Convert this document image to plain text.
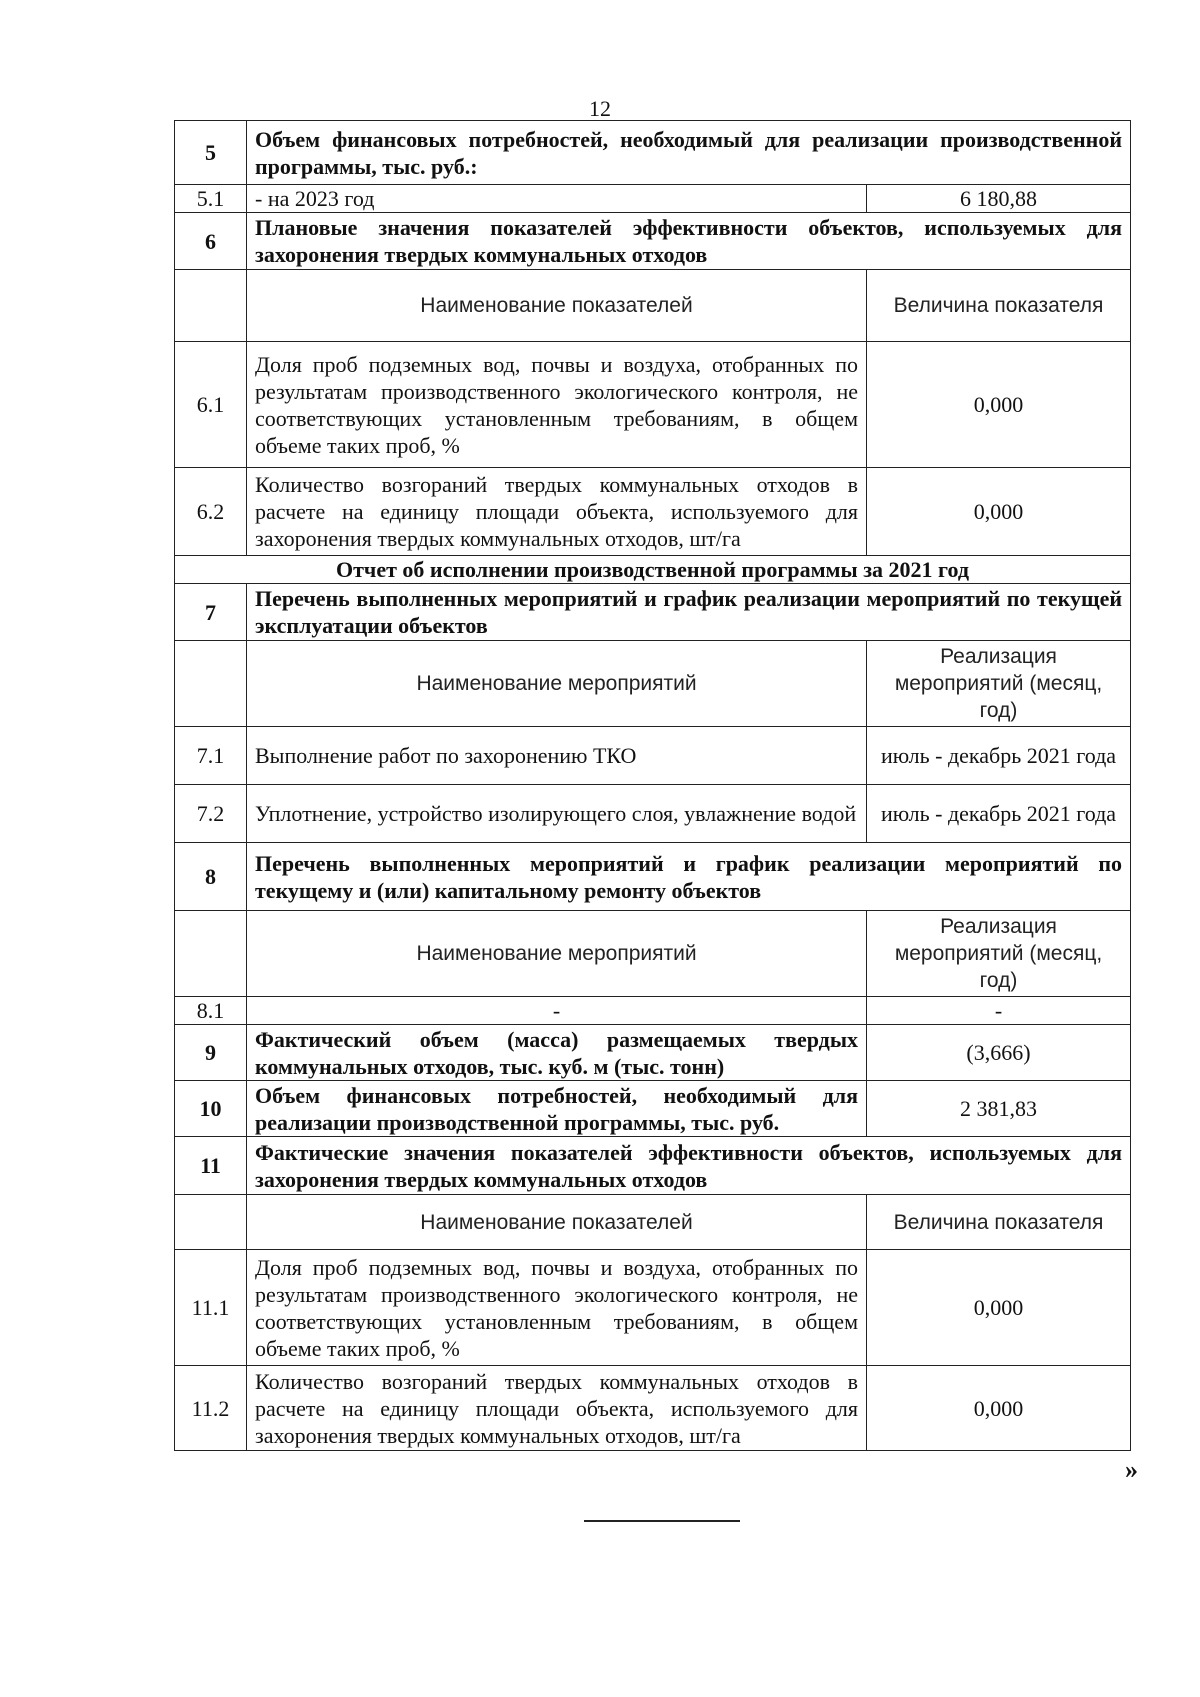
12
5	Объем финансовых потребностей, необходимый для реализации производственной программы, тыс. руб.:	
5.1	- на 2023 год	6 180,88
6	Плановые значения показателей эффективности объектов, используемых для захоронения твердых коммунальных отходов	
	Наименование показателей	Величина показателя
6.1	Доля проб подземных вод, почвы и воздуха, отобранных по результатам производственного экологического контроля, не соответствующих установленным требованиям, в общем объеме таких проб, %	0,000
6.2	Количество возгораний твердых коммунальных отходов в расчете на единицу площади объекта, используемого для захоронения твердых коммунальных отходов, шт/га	0,000
Отчет об исполнении производственной программы за 2021 год		
7	Перечень выполненных мероприятий и график реализации мероприятий по текущей эксплуатации объектов	
	Наименование мероприятий	Реализация мероприятий (месяц, год)
7.1	Выполнение работ по захоронению ТКО	июль - декабрь 2021 года
7.2	Уплотнение, устройство изолирующего слоя, увлажнение водой	июль - декабрь 2021 года
8	Перечень выполненных мероприятий и график реализации мероприятий по текущему и (или) капитальному ремонту объектов	
	Наименование мероприятий	Реализация мероприятий (месяц, год)
8.1	-	-
9	Фактический объем (масса) размещаемых твердых коммунальных отходов, тыс. куб. м (тыс. тонн)	(3,666)
10	Объем финансовых потребностей, необходимый для реализации производственной программы, тыс. руб.	2 381,83
11	Фактические значения показателей эффективности объектов, используемых для захоронения твердых коммунальных отходов	
	Наименование показателей	Величина показателя
11.1	Доля проб подземных вод, почвы и воздуха, отобранных по результатам производственного экологического контроля, не соответствующих установленным требованиям, в общем объеме таких проб, %	0,000
11.2	Количество возгораний твердых коммунальных отходов в расчете на единицу площади объекта, используемого для захоронения твердых коммунальных отходов, шт/га	0,000
»
